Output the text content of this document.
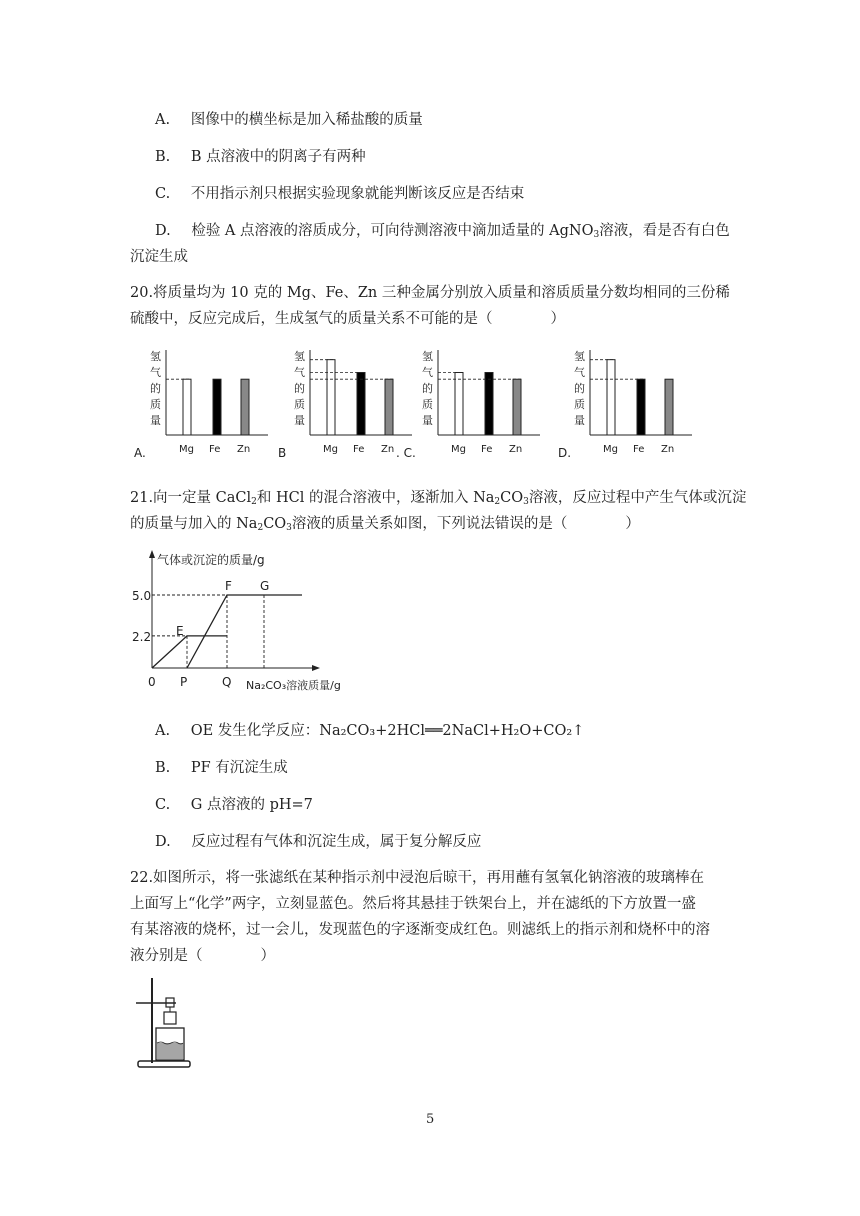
A. 图像中的横坐标是加入稀盐酸的质量
B. B 点溶液中的阴离子有两种
C. 不用指示剂只根据实验现象就能判断该反应是否结束
D. 检验 A 点溶液的溶质成分，可向待测溶液中滴加适量的 AgNO$_3$溶液，看是否有白色
沉淀生成
20.将质量均为 10 克的 Mg、Fe、Zn 三种金属分别放入质量和溶质质量分数均相同的三份稀
硫酸中，反应完成后，生成氢气的质量关系不可能的是（　　　　）
氢
气
的
质
量
Mg Fe Zn
A.
氢
气
的
质
量
Mg Fe Zn
B
氢
气
的
质
量
Mg Fe Zn
. C.
氢
气
的
质
量
Mg Fe Zn
D.
21.向一定量 CaCl$_2$和 HCl 的混合溶液中，逐渐加入 $Na_2CO_3$溶液，反应过程中产生气体或沉淀
的质量与加入的 $Na_2CO_3$溶液的质量关系如图，下列说法错误的是（　　　　）
气体或沉淀的质量/g
Na₂CO₃溶液质量/g
5.0
2.2
0
E
P
F
Q
G
A. OE 发生化学反应：Na₂CO₃+2HCl══2NaCl+H₂O+CO₂↑
B. PF 有沉淀生成
C. G 点溶液的 pH=7
D. 反应过程有气体和沉淀生成，属于复分解反应
22.如图所示，将一张滤纸在某种指示剂中浸泡后晾干，再用蘸有氢氧化钠溶液的玻璃棒在
上面写上“化学”两字，立刻显蓝色。然后将其悬挂于铁架台上，并在滤纸的下方放置一盛
有某溶液的烧杯，过一会儿，发现蓝色的字逐渐变成红色。则滤纸上的指示剂和烧杯中的溶
液分别是（　　　　）
5
